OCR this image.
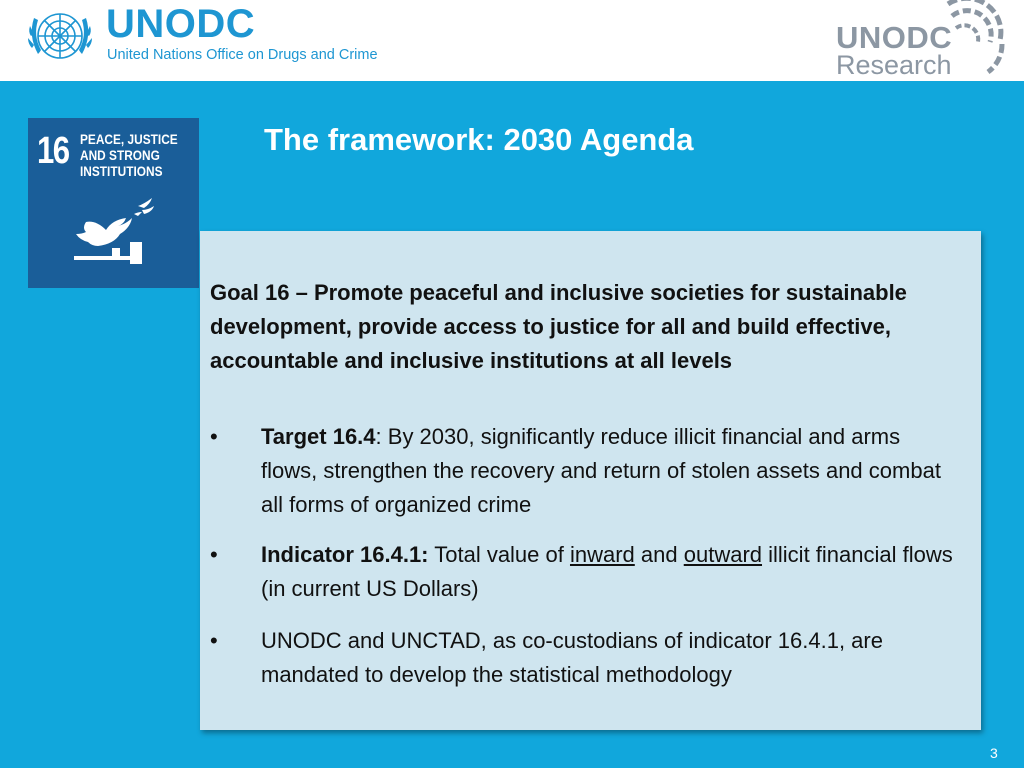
UNODC
United Nations Office on Drugs and Crime	UNODC
Research
16 PEACE, JUSTICE AND STRONG INSTITUTIONS
The framework: 2030 Agenda
Goal 16 – Promote peaceful and inclusive societies for sustainable development, provide access to justice for all and build effective, accountable and inclusive institutions at all levels
• Target 16.4: By 2030, significantly reduce illicit financial and arms flows, strengthen the recovery and return of stolen assets and combat all forms of organized crime
• Indicator 16.4.1: Total value of inward and outward illicit financial flows (in current US Dollars)
• UNODC and UNCTAD, as co-custodians of indicator 16.4.1, are mandated to develop the statistical methodology
3
